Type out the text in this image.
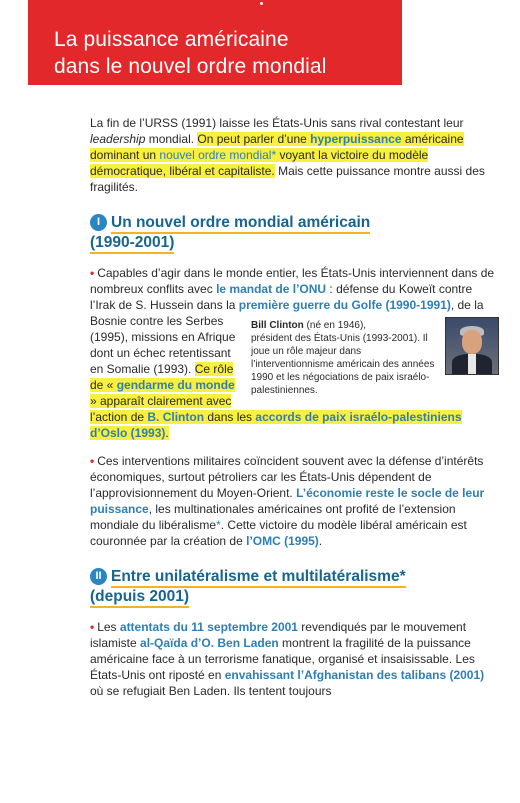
La puissance américaine
dans le nouvel ordre mondial

La fin de l’URSS (1991) laisse les États-Unis sans rival contestant leur leadership mondial. On peut parler d’une hyperpuissance américaine dominant un nouvel ordre mondial* voyant la victoire du modèle démocratique, libéral et capitaliste. Mais cette puissance montre aussi des fragilités.

I Un nouvel ordre mondial américain
(1990-2001)

• Capables d’agir dans le monde entier, les États-Unis interviennent dans de nombreux conflits avec le mandat de l’ONU : défense du Koweït contre l’Irak de S. Hussein dans la première guerre du Golfe (1990-1991)
Bill Clinton (né en 1946),
président des États-Unis (1993-2001). Il joue un rôle majeur dans l’interventionnisme américain des années 1990 et les négociations de paix israélo-palestiniennes.
, de la Bosnie contre les Serbes (1995), missions en Afrique dont un échec retentissant en Somalie (1993). Ce rôle de « gendarme du monde » apparaît clairement avec l’action de B. Clinton dans les accords de paix israélo-palestiniens d’Oslo (1993).

• Ces interventions militaires coïncident souvent avec la défense d’intérêts économiques, surtout pétroliers car les États-Unis dépendent de l’approvisionnement du Moyen-Orient. L’économie reste le socle de leur puissance, les multinationales américaines ont profité de l’extension mondiale du libéralisme*. Cette victoire du modèle libéral américain est couronnée par la création de l’OMC (1995).

II Entre unilatéralisme et multilatéralisme*
(depuis 2001)

• Les attentats du 11 septembre 2001 revendiqués par le mouvement islamiste al-Qaïda d’O. Ben Laden montrent la fragilité de la puissance américaine face à un terrorisme fanatique, organisé et insaisissable. Les États-Unis ont riposté en envahissant l’Afghanistan des talibans (2001) où se refugiait Ben Laden. Ils tentent toujours
